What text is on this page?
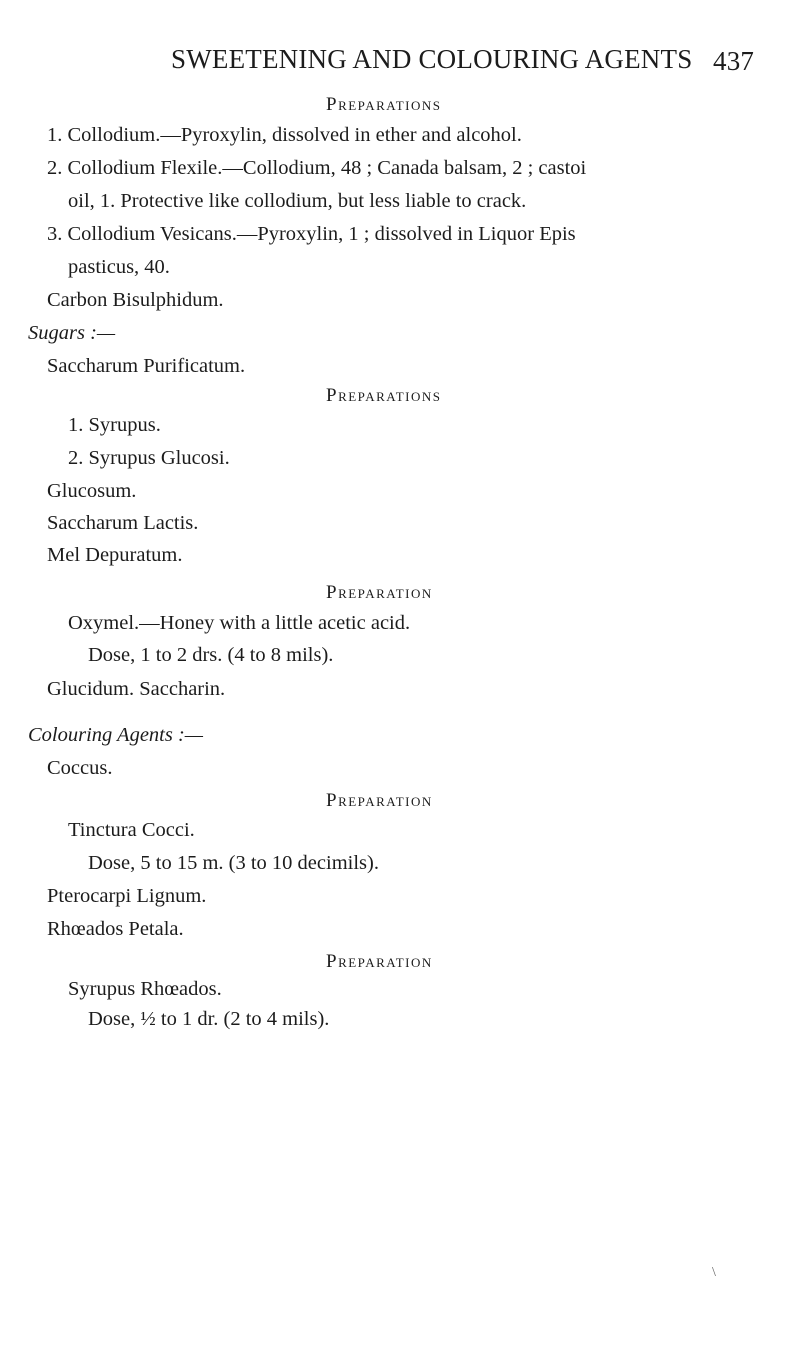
SWEETENING AND COLOURING AGENTS 437
Preparations
1. Collodium.—Pyroxylin, dissolved in ether and alcohol.
2. Collodium Flexile.—Collodium, 48 ; Canada balsam, 2 ; castoi
oil, 1. Protective like collodium, but less liable to crack.
3. Collodium Vesicans.—Pyroxylin, 1 ; dissolved in Liquor Epis
pasticus, 40.
Carbon Bisulphidum.
Sugars :—
Saccharum Purificatum.
Preparations
1. Syrupus.
2. Syrupus Glucosi.
Glucosum.
Saccharum Lactis.
Mel Depuratum.
Preparation
Oxymel.—Honey with a little acetic acid.
Dose, 1 to 2 drs. (4 to 8 mils).
Glucidum. Saccharin.
Colouring Agents :—
Coccus.
Preparation
Tinctura Cocci.
Dose, 5 to 15 m. (3 to 10 decimils).
Pterocarpi Lignum.
Rhœados Petala.
Preparation
Syrupus Rhœados.
Dose, ½ to 1 dr. (2 to 4 mils).
\
